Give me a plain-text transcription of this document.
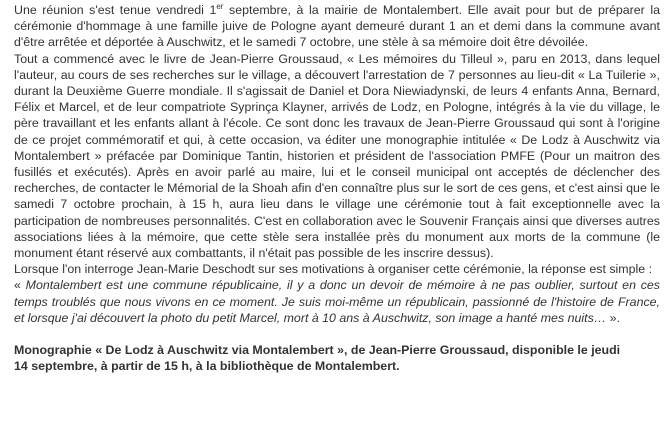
Une réunion s'est tenue vendredi 1er septembre, à la mairie de Montalembert. Elle avait pour but de préparer la cérémonie d'hommage à une famille juive de Pologne ayant demeuré durant 1 an et demi dans la commune avant d'être arrêtée et déportée à Auschwitz, et le samedi 7 octobre, une stèle à sa mémoire doit être dévoilée.

Tout a commencé avec le livre de Jean-Pierre Groussaud, « Les mémoires du Tilleul », paru en 2013, dans lequel l'auteur, au cours de ses recherches sur le village, a découvert l'arrestation de 7 personnes au lieu-dit « La Tuilerie », durant la Deuxième Guerre mondiale. Il s'agissait de Daniel et Dora Niewiadynski, de leurs 4 enfants Anna, Bernard, Félix et Marcel, et de leur compatriote Syprinça Klayner, arrivés de Lodz, en Pologne, intégrés à la vie du village, le père travaillant et les enfants allant à l'école. Ce sont donc les travaux de Jean-Pierre Groussaud qui sont à l'origine de ce projet commémoratif et qui, à cette occasion, va éditer une monographie intitulée « De Lodz à Auschwitz via Montalembert » préfacée par Dominique Tantin, historien et président de l'association PMFE (Pour un maitron des fusillés et exécutés). Après en avoir parlé au maire, lui et le conseil municipal ont acceptés de déclencher des recherches, de contacter le Mémorial de la Shoah afin d'en connaître plus sur le sort de ces gens, et c'est ainsi que le samedi 7 octobre prochain, à 15 h, aura lieu dans le village une cérémonie tout à fait exceptionnelle avec la participation de nombreuses personnalités. C'est en collaboration avec le Souvenir Français ainsi que diverses autres associations liées à la mémoire, que cette stèle sera installée près du monument aux morts de la commune (le monument étant réservé aux combattants, il n'était pas possible de les inscrire dessus).

Lorsque l'on interroge Jean-Marie Deschodt sur ses motivations à organiser cette cérémonie, la réponse est simple :
« Montalembert est une commune républicaine, il y a donc un devoir de mémoire à ne pas oublier, surtout en ces temps troublés que nous vivons en ce moment. Je suis moi-même un républicain, passionné de l'histoire de France, et lorsque j'ai découvert la photo du petit Marcel, mort à 10 ans à Auschwitz, son image a hanté mes nuits… ».

Monographie « De Lodz à Auschwitz via Montalembert », de Jean-Pierre Groussaud, disponible le jeudi
14 septembre, à partir de 15 h, à la bibliothèque de Montalembert.
